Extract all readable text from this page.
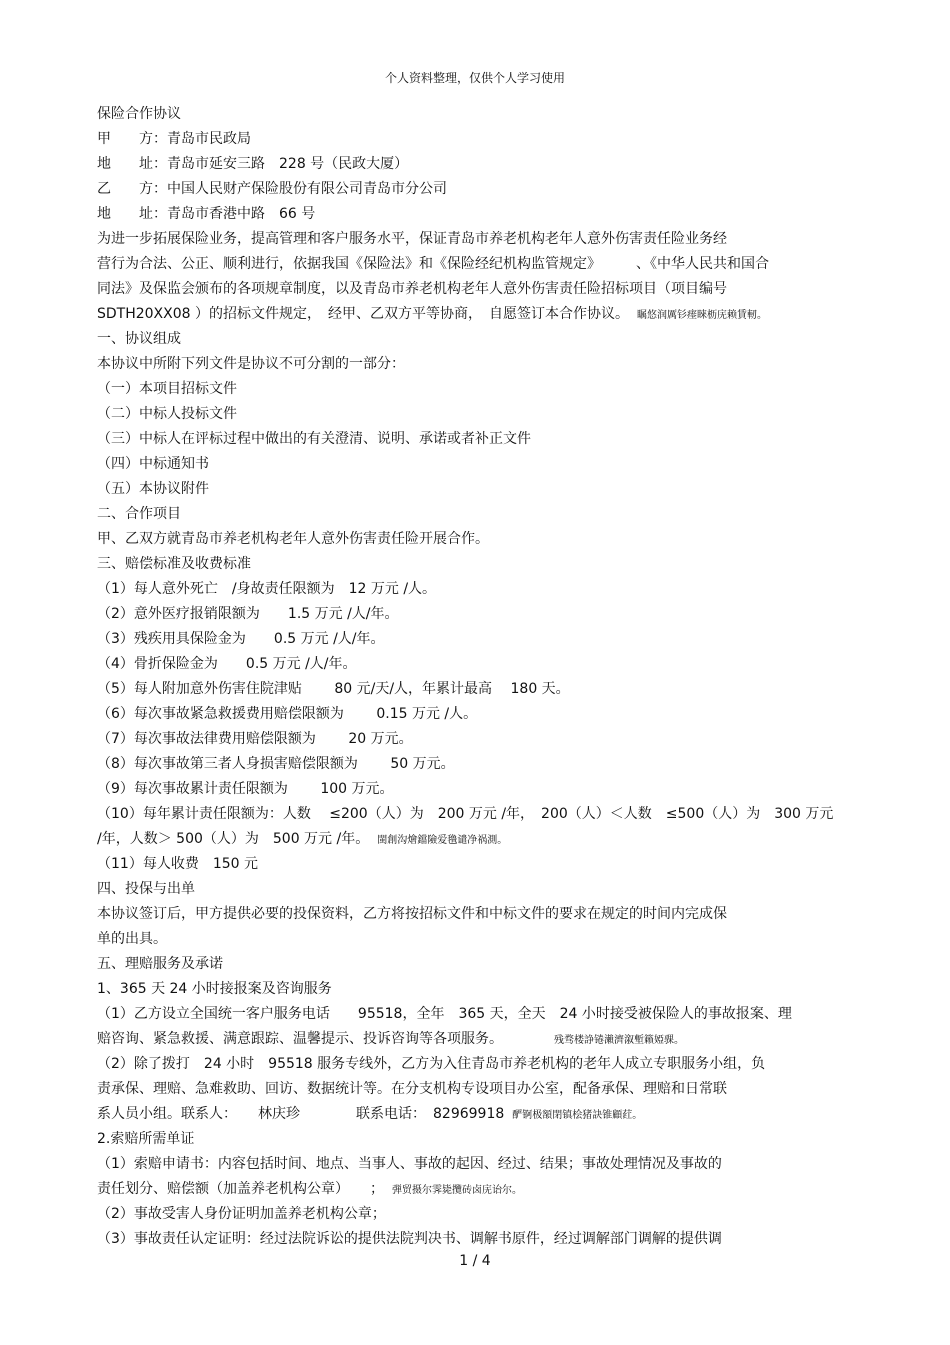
个人资料整理，仅供个人学习使用
保险合作协议
甲　　方：青岛市民政局
地　　址：青岛市延安三路　228 号（民政大厦）
乙　　方：中国人民财产保险股份有限公司青岛市分公司
地　　址：青岛市香港中路　66 号
为进一步拓展保险业务，提高管理和客户服务水平，保证青岛市养老机构老年人意外伤害责任险业务经
营行为合法、公正、顺利进行，依据我国《保险法》和《保险经纪机构监管规定》　　　、《中华人民共和国合
同法》及保监会颁布的各项规章制度，以及青岛市养老机构老年人意外伤害责任险招标项目（项目编号
SDTH20XX08 ）的招标文件规定，　经甲、乙双方平等协商，　自愿签订本合作协议。 瞩悠润厲钐瘗睞枥庑赖賃軔。
一、协议组成
本协议中所附下列文件是协议不可分割的一部分：
（一）本项目招标文件
（二）中标人投标文件
（三）中标人在评标过程中做出的有关澄清、说明、承诺或者补正文件
（四）中标通知书
（五）本协议附件
二、合作项目
甲、乙双方就青岛市养老机构老年人意外伤害责任险开展合作。
三、赔偿标准及收费标准
（1）每人意外死亡　/身故责任限额为　12 万元 /人。
（2）意外医疗报销限额为　　1.5 万元 /人/年。
（3）残疾用具保险金为　　0.5 万元 /人/年。
（4）骨折保险金为　　0.5 万元 /人/年。
（5）每人附加意外伤害住院津贴　　 80 元/天/人，年累计最高　 180 天。
（6）每次事故紧急救援费用赔偿限额为　　 0.15 万元 /人。
（7）每次事故法律费用赔偿限额为　　 20 万元。
（8）每次事故第三者人身损害赔偿限额为　　 50 万元。
（9）每次事故累计责任限额为　　 100 万元。
（10）每年累计责任限额为：人数　 ≤200（人）为　200 万元 /年，　200（人）＜人数　≤500（人）为　300 万元
/年，人数＞ 500（人）为　500 万元 /年。 閩創沟燴鐺險爱氇谴净祸測。
（11）每人收费　150 元
四、投保与出单
本协议签订后，甲方提供必要的投保资料，乙方将按招标文件和中标文件的要求在规定的时间内完成保
单的出具。
五、理赔服务及承诺
1、365 天 24 小时接报案及咨询服务
（1）乙方设立全国统一客户服务电话　　95518，全年　365 天，全天　24 小时接受被保险人的事故报案、理
赔咨询、紧急救援、满意跟踪、温馨提示、投诉咨询等各项服务。　　　　　残骛楼諍锩瀨濟溆塹籟婭骒。
（2）除了拨打　24 小时　95518 服务专线外，乙方为入住青岛市养老机构的老年人成立专职服务小组，负
责承保、理赔、急难救助、回访、数据统计等。在分支机构专设项目办公室，配备承保、理赔和日常联
系人员小组。联系人：　　林庆珍　　　　联系电话：　82969918 酽锕极額閉镇桧猪訣锥顧荭。
2.索赔所需单证
（1）索赔申请书：内容包括时间、地点、当事人、事故的起因、经过、结果；事故处理情况及事故的
责任划分、赔偿额（加盖养老机构公章）　　； 弾贸摄尔霁毙攬砖卤庑诒尔。
（2）事故受害人身份证明加盖养老机构公章；
（3）事故责任认定证明：经过法院诉讼的提供法院判决书、调解书原件，经过调解部门调解的提供调
1 / 4
